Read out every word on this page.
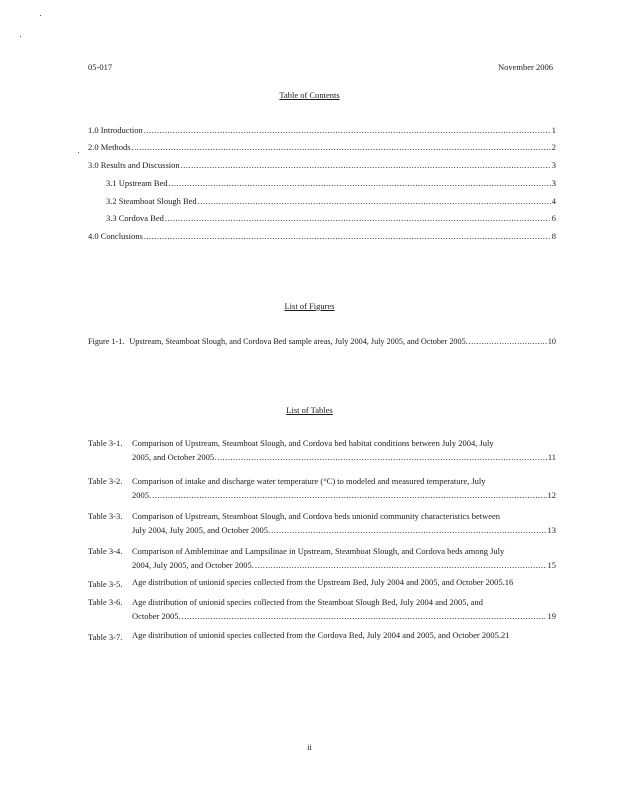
05-017	November 2006
Table of Contents
1.0 Introduction .....	1
2.0 Methods .....	2
3.0 Results and Discussion .....	3
3.1 Upstream Bed .....	3
3.2 Steamboat Slough Bed .....	4
3.3 Cordova Bed .....	6
4.0 Conclusions .....	8
List of Figures
Figure 1-1. Upstream, Steamboat Slough, and Cordova Bed sample areas, July 2004, July 2005, and October 2005. .....	10
List of Tables
Table 3-1. Comparison of Upstream, Steamboat Slough, and Cordova bed habitat conditions between July 2004, July
2005, and October 2005. .....	11
Table 3-2. Comparison of intake and discharge water temperature (°C) to modeled and measured temperature, July
2005. .....	12
Table 3-3. Comparison of Upstream, Steamboat Slough, and Cordova beds unionid community characteristics between
July 2004, July 2005, and October 2005. .....	13
Table 3-4. Comparison of Ambleminae and Lampsilinae in Upstream, Steamboat Slough, and Cordova beds among July
2004, July 2005, and October 2005. .....	15
Table 3-5. Age distribution of unionid species collected from the Upstream Bed, July 2004 and 2005, and October 2005. 16
Table 3-6. Age distribution of unionid species collected from the Steamboat Slough Bed, July 2004 and 2005, and
October 2005. .....	19
Table 3-7. Age distribution of unionid species collected from the Cordova Bed, July 2004 and 2005, and October 2005. 21
ii
